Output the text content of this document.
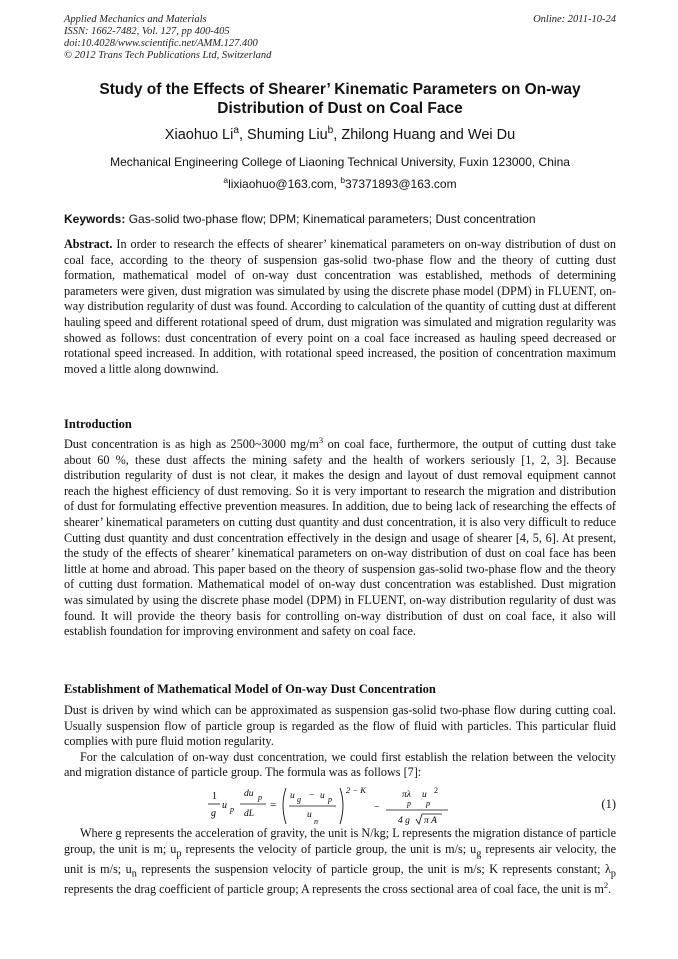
Applied Mechanics and Materials
ISSN: 1662-7482, Vol. 127, pp 400-405
doi:10.4028/www.scientific.net/AMM.127.400
© 2012 Trans Tech Publications Ltd, Switzerland
Online: 2011-10-24
Study of the Effects of Shearer’ Kinematic Parameters on On-way
Distribution of Dust on Coal Face
Xiaohuo Li$^a$, Shuming Liu$^b$, Zhilong Huang and Wei Du
Mechanical Engineering College of Liaoning Technical University, Fuxin 123000, China
$^a$lixiaohuo@163.com, $^b$37371893@163.com
Keywords: Gas-solid two-phase flow; DPM; Kinematical parameters; Dust concentration
Abstract. In order to research the effects of shearer’ kinematical parameters on on-way distribution of dust on coal face, according to the theory of suspension gas-solid two-phase flow and the theory of cutting dust formation, mathematical model of on-way dust concentration was established, methods of determining parameters were given, dust migration was simulated by using the discrete phase model (DPM) in FLUENT, on-way distribution regularity of dust was found. According to calculation of the quantity of cutting dust at different hauling speed and different rotational speed of drum, dust migration was simulated and migration regularity was showed as follows: dust concentration of every point on a coal face increased as hauling speed decreased or rotational speed increased. In addition, with rotational speed increased, the position of concentration maximum moved a little along downwind.
Introduction
Dust concentration is as high as 2500~3000 $mg/m^3$ on coal face, furthermore, the output of cutting dust take about 60 %, these dust affects the mining safety and the health of workers seriously [1, 2, 3]. Because distribution regularity of dust is not clear, it makes the design and layout of dust removal equipment cannot reach the highest efficiency of dust removing. So it is very important to research the migration and distribution of dust for formulating effective prevention measures. In addition, due to being lack of researching the effects of shearer’ kinematical parameters on cutting dust quantity and dust concentration, it is also very difficult to reduce Cutting dust quantity and dust concentration effectively in the design and usage of shearer [4, 5, 6]. At present, the study of the effects of shearer’ kinematical parameters on on-way distribution of dust on coal face has been little at home and abroad. This paper based on the theory of suspension gas-solid two-phase flow and the theory of cutting dust formation. Mathematical model of on-way dust concentration was established. Dust migration was simulated by using the discrete phase model (DPM) in FLUENT, on-way distribution regularity of dust was found. It will provide the theory basis for controlling on-way distribution of dust on coal face, it also will establish foundation for improving environment and safety on coal face.
Establishment of Mathematical Model of On-way Dust Concentration

Dust is driven by wind which can be approximated as suspension gas-solid two-phase flow during cutting coal. Usually suspension flow of particle group is regarded as the flow of fluid with particles. This particular fluid complies with pure fluid motion regularity.

For the calculation of on-way dust concentration, we could first establish the relation between the velocity and migration distance of particle group. The formula was as follows [7]:

1
g
u p
du p
dL
=
u g − u p
u
n
2 − K
−
πλ u 2
p p
4 g π A
(1)
Where g represents the acceleration of gravity, the unit is N/kg; L represents the migration distance of particle group, the unit is m; $u_p$ represents the velocity of particle group, the unit is m/s; $u_g$ represents air velocity, the unit is m/s; $u_n$ represents the suspension velocity of particle group, the unit is m/s; K represents constant; $\lambda_p$ represents the drag coefficient of particle group; A represents the cross sectional area of coal face, the unit is $m^2$.
